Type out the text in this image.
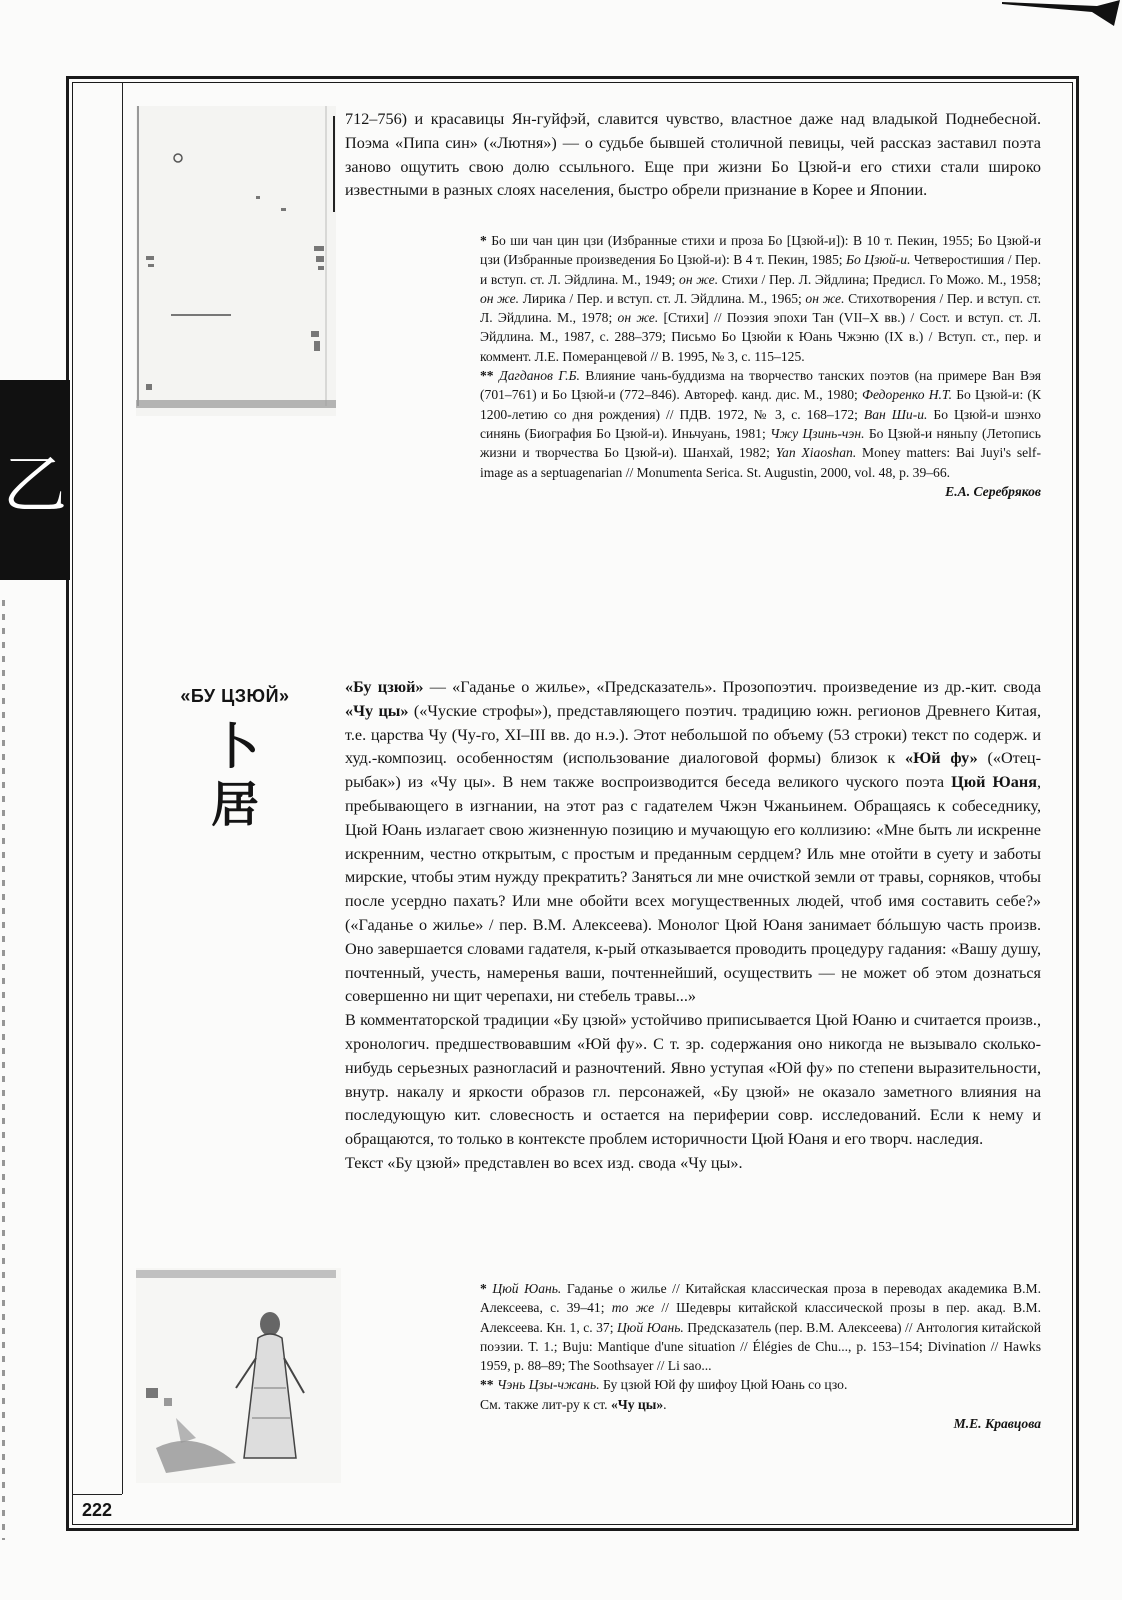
乙
712–756) и красавицы Ян-гуйфэй, славится чувство, властное даже над владыкой Поднебесной. Поэма «Пипа син» («Лютня») — о судьбе бывшей столичной певицы, чей рассказ заставил поэта заново ощутить свою долю ссыльного. Еще при жизни Бо Цзюй-и его стихи стали широко известными в разных слоях населения, быстро обрели признание в Корее и Японии.

* Бо ши чан цин цзи (Избранные стихи и проза Бо [Цзюй-и]): В 10 т. Пекин, 1955; Бо Цзюй-и цзи (Избранные произведения Бо Цзюй-и): В 4 т. Пекин, 1985; Бо Цзюй-и. Четверостишия / Пер. и вступ. ст. Л. Эйдлина. М., 1949; он же. Стихи / Пер. Л. Эйдлина; Предисл. Го Можо. М., 1958; он же. Лирика / Пер. и вступ. ст. Л. Эйдлина. М., 1965; он же. Стихотворения / Пер. и вступ. ст. Л. Эйдлина. М., 1978; он же. [Стихи] // Поэзия эпохи Тан (VII–X вв.) / Сост. и вступ. ст. Л. Эйдлина. М., 1987, с. 288–379; Письмо Бо Цзюйи к Юань Чжэню (IX в.) / Вступ. ст., пер. и коммент. Л.Е. Померанцевой // В. 1995, № 3, с. 115–125.

** Дагданов Г.Б. Влияние чань-буддизма на творчество танских поэтов (на примере Ван Вэя (701–761) и Бо Цзюй-и (772–846). Автореф. канд. дис. М., 1980; Федоренко Н.Т. Бо Цзюй-и: (К 1200-летию со дня рождения) // ПДВ. 1972, № 3, с. 168–172; Ван Ши-и. Бо Цзюй-и шэнхо синянь (Биография Бо Цзюй-и). Иньчуань, 1981; Чжу Цзинь-чэн. Бо Цзюй-и няньпу (Летопись жизни и творчества Бо Цзюй-и). Шанхай, 1982; Yan Xiaoshan. Money matters: Bai Juyi's self-image as a septuagenarian // Monumenta Serica. St. Augustin, 2000, vol. 48, p. 39–66.

Е.А. Серебряков

«БУ ЦЗЮЙ»
卜
居

«Бу цзюй» — «Гаданье о жилье», «Предсказатель». Прозопоэтич. произведение из др.-кит. свода «Чу цы» («Чуские строфы»), представляющего поэтич. традицию южн. регионов Древнего Китая, т.е. царства Чу (Чу-го, XI–III вв. до н.э.). Этот небольшой по объему (53 строки) текст по содерж. и худ.-композиц. особенностям (использование диалоговой формы) близок к «Юй фу» («Отец-рыбак») из «Чу цы». В нем также воспроизводится беседа великого чуского поэта Цюй Юаня, пребывающего в изгнании, на этот раз с гадателем Чжэн Чжаньинем. Обращаясь к собеседнику, Цюй Юань излагает свою жизненную позицию и мучающую его коллизию: «Мне быть ли искренне искренним, честно открытым, с простым и преданным сердцем? Иль мне отойти в суету и заботы мирские, чтобы этим нужду прекратить? Заняться ли мне очисткой земли от травы, сорняков, чтобы после усердно пахать? Или мне обойти всех могущественных людей, чтоб имя составить себе?» («Гаданье о жилье» / пер. В.М. Алексеева). Монолог Цюй Юаня занимает бóльшую часть произв. Оно завершается словами гадателя, к-рый отказывается проводить процедуру гадания: «Вашу душу, почтенный, учесть, намеренья ваши, почтеннейший, осуществить — не может об этом дознаться совершенно ни щит черепахи, ни стебель травы...»

В комментаторской традиции «Бу цзюй» устойчиво приписывается Цюй Юаню и считается произв., хронологич. предшествовавшим «Юй фу». С т. зр. содержания оно никогда не вызывало сколько-нибудь серьезных разногласий и разночтений. Явно уступая «Юй фу» по степени выразительности, внутр. накалу и яркости образов гл. персонажей, «Бу цзюй» не оказало заметного влияния на последующую кит. словесность и остается на периферии совр. исследований. Если к нему и обращаются, то только в контексте проблем историчности Цюй Юаня и его творч. наследия.

Текст «Бу цзюй» представлен во всех изд. свода «Чу цы».

* Цюй Юань. Гаданье о жилье // Китайская классическая проза в переводах академика В.М. Алексеева, с. 39–41; то же // Шедевры китайской классической прозы в пер. акад. В.М. Алексеева. Кн. 1, с. 37; Цюй Юань. Предсказатель (пер. В.М. Алексеева) // Антология китайской поэзии. Т. 1.; Buju: Mantique d'une situation // Élégies de Chu..., p. 153–154; Divination // Hawks 1959, p. 88–89; The Soothsayer // Li sao...

** Чэнь Цзы-чжань. Бу цзюй Юй фу шифоу Цюй Юань со цзо.

См. также лит-ру к ст. «Чу цы».

М.Е. Кравцова

222
